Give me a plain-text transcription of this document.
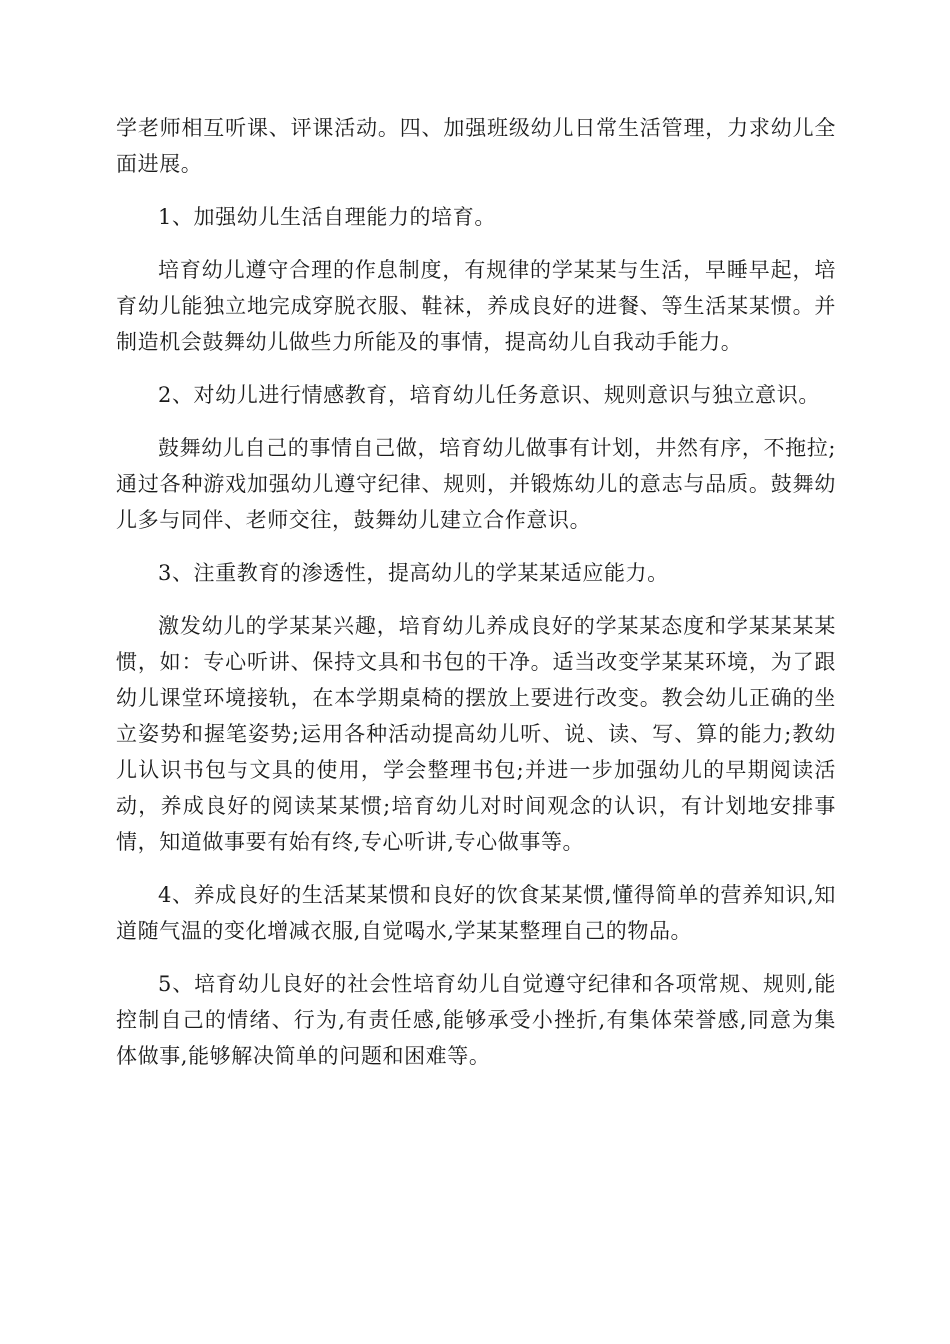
学老师相互听课、评课活动。四、加强班级幼儿日常生活管理，力求幼儿全面进展。

1、加强幼儿生活自理能力的培育。

培育幼儿遵守合理的作息制度，有规律的学某某与生活，早睡早起，培育幼儿能独立地完成穿脱衣服、鞋袜，养成良好的进餐、等生活某某惯。并制造机会鼓舞幼儿做些力所能及的事情，提高幼儿自我动手能力。

2、对幼儿进行情感教育，培育幼儿任务意识、规则意识与独立意识。

鼓舞幼儿自己的事情自己做，培育幼儿做事有计划，井然有序，不拖拉;通过各种游戏加强幼儿遵守纪律、规则，并锻炼幼儿的意志与品质。鼓舞幼儿多与同伴、老师交往，鼓舞幼儿建立合作意识。

3、注重教育的渗透性，提高幼儿的学某某适应能力。

激发幼儿的学某某兴趣，培育幼儿养成良好的学某某态度和学某某某某惯，如：专心听讲、保持文具和书包的干净。适当改变学某某环境，为了跟幼儿课堂环境接轨，在本学期桌椅的摆放上要进行改变。教会幼儿正确的坐立姿势和握笔姿势;运用各种活动提高幼儿听、说、读、写、算的能力;教幼儿认识书包与文具的使用，学会整理书包;并进一步加强幼儿的早期阅读活动，养成良好的阅读某某惯;培育幼儿对时间观念的认识，有计划地安排事情，知道做事要有始有终,专心听讲,专心做事等。

4、养成良好的生活某某惯和良好的饮食某某惯,懂得简单的营养知识,知道随气温的变化增减衣服,自觉喝水,学某某整理自己的物品。

5、培育幼儿良好的社会性培育幼儿自觉遵守纪律和各项常规、规则,能控制自己的情绪、行为,有责任感,能够承受小挫折,有集体荣誉感,同意为集体做事,能够解决简单的问题和困难等。
